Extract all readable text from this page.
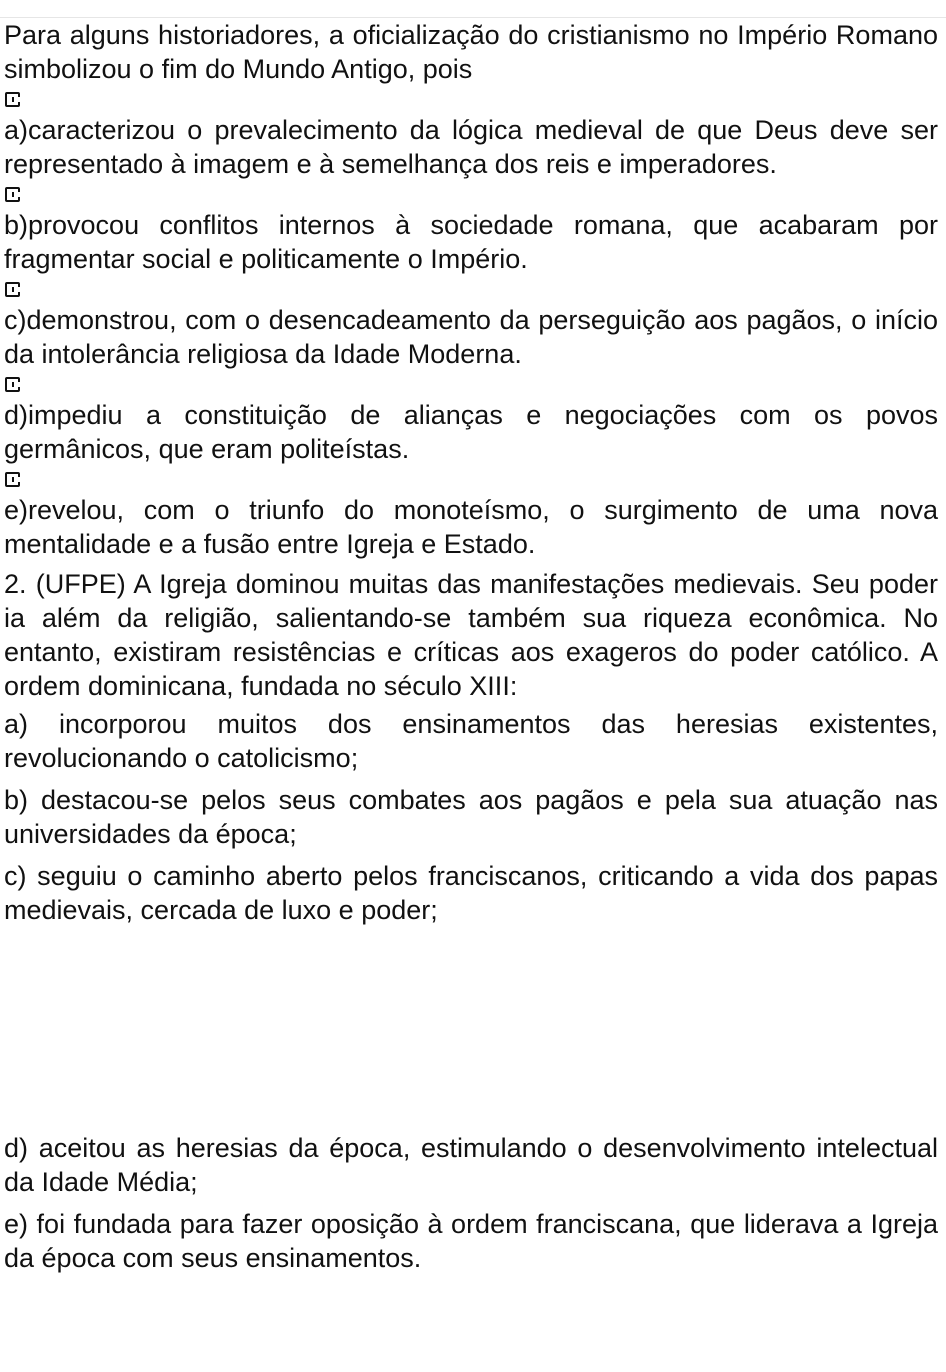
Para alguns historiadores, a oficialização do cristianismo no Império Romano simbolizou o fim do Mundo Antigo, pois

a)caracterizou o prevalecimento da lógica medieval de que Deus deve ser representado à imagem e à semelhança dos reis e imperadores.

b)provocou conflitos internos à sociedade romana, que acabaram por fragmentar social e politicamente o Império.

c)demonstrou, com o desencadeamento da perseguição aos pagãos, o início da intolerância religiosa da Idade Moderna.

d)impediu a constituição de alianças e negociações com os povos germânicos, que eram politeístas.

e)revelou, com o triunfo do monoteísmo, o surgimento de uma nova mentalidade e a fusão entre Igreja e Estado.

2. (UFPE) A Igreja dominou muitas das manifestações medievais. Seu poder ia além da religião, salientando-se também sua riqueza econômica. No entanto, existiram resistências e críticas aos exageros do poder católico. A ordem dominicana, fundada no século XIII:

a) incorporou muitos dos ensinamentos das heresias existentes, revolucionando o catolicismo;

b) destacou-se pelos seus combates aos pagãos e pela sua atuação nas universidades da época;

c) seguiu o caminho aberto pelos franciscanos, criticando a vida dos papas medievais, cercada de luxo e poder;

d) aceitou as heresias da época, estimulando o desenvolvimento intelectual da Idade Média;

e) foi fundada para fazer oposição à ordem franciscana, que liderava a Igreja da época com seus ensinamentos.
